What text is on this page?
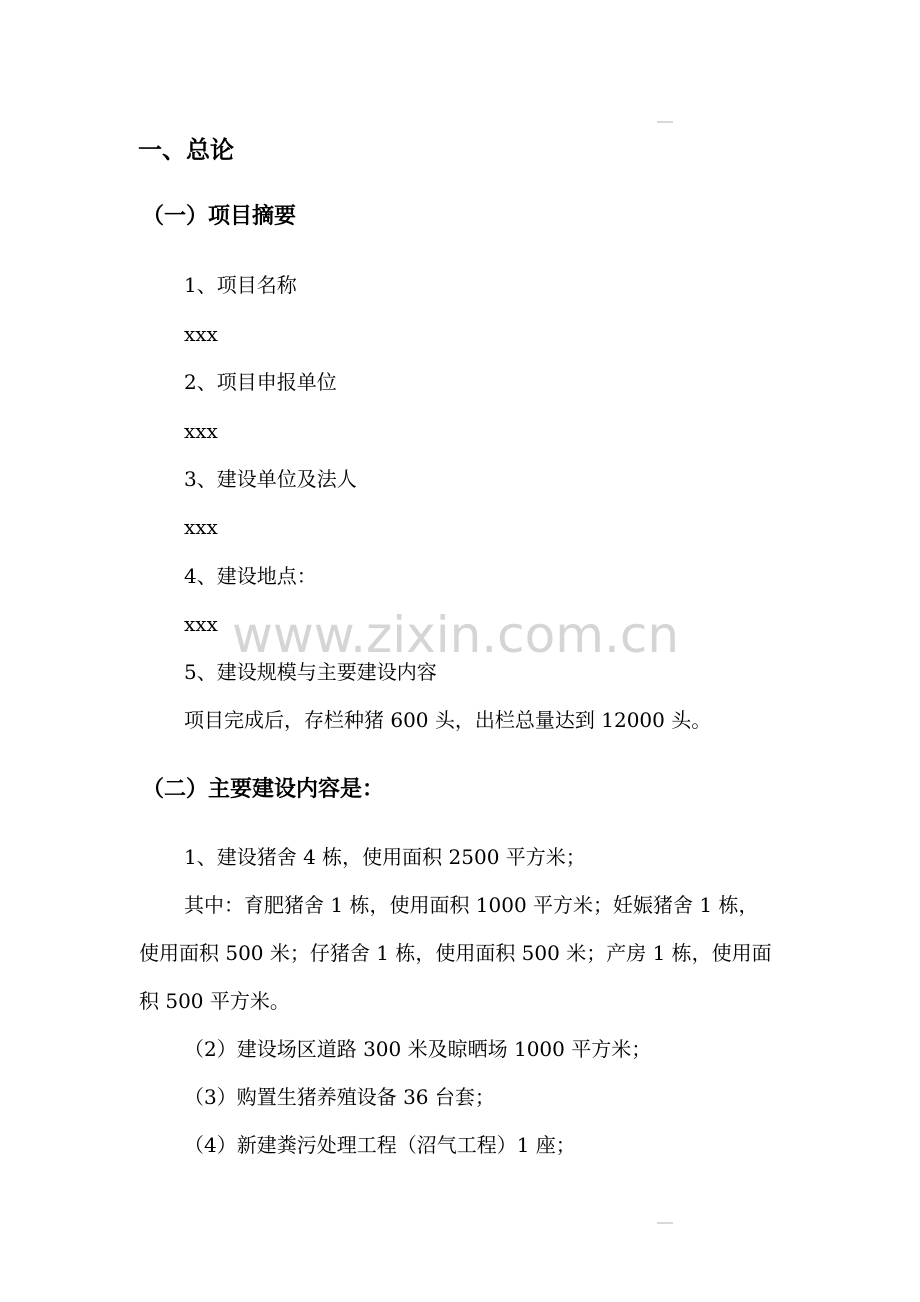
一、总论
（一）项目摘要
1、项目名称
xxx
2、项目申报单位
xxx
3、建设单位及法人
xxx
4、建设地点：
xxx
5、建设规模与主要建设内容
项目完成后，存栏种猪 600 头，出栏总量达到 12000 头。
（二）主要建设内容是：
1、建设猪舍 4 栋，使用面积 2500 平方米；
其中：育肥猪舍 1 栋，使用面积 1000 平方米；妊娠猪舍 1 栋，
使用面积 500 米；仔猪舍 1 栋，使用面积 500 米；产房 1 栋，使用面
积 500 平方米。
（2）建设场区道路 300 米及晾晒场 1000 平方米；
（3）购置生猪养殖设备 36 台套；
（4）新建粪污处理工程（沼气工程）1 座；
www.zixin.com.cn
